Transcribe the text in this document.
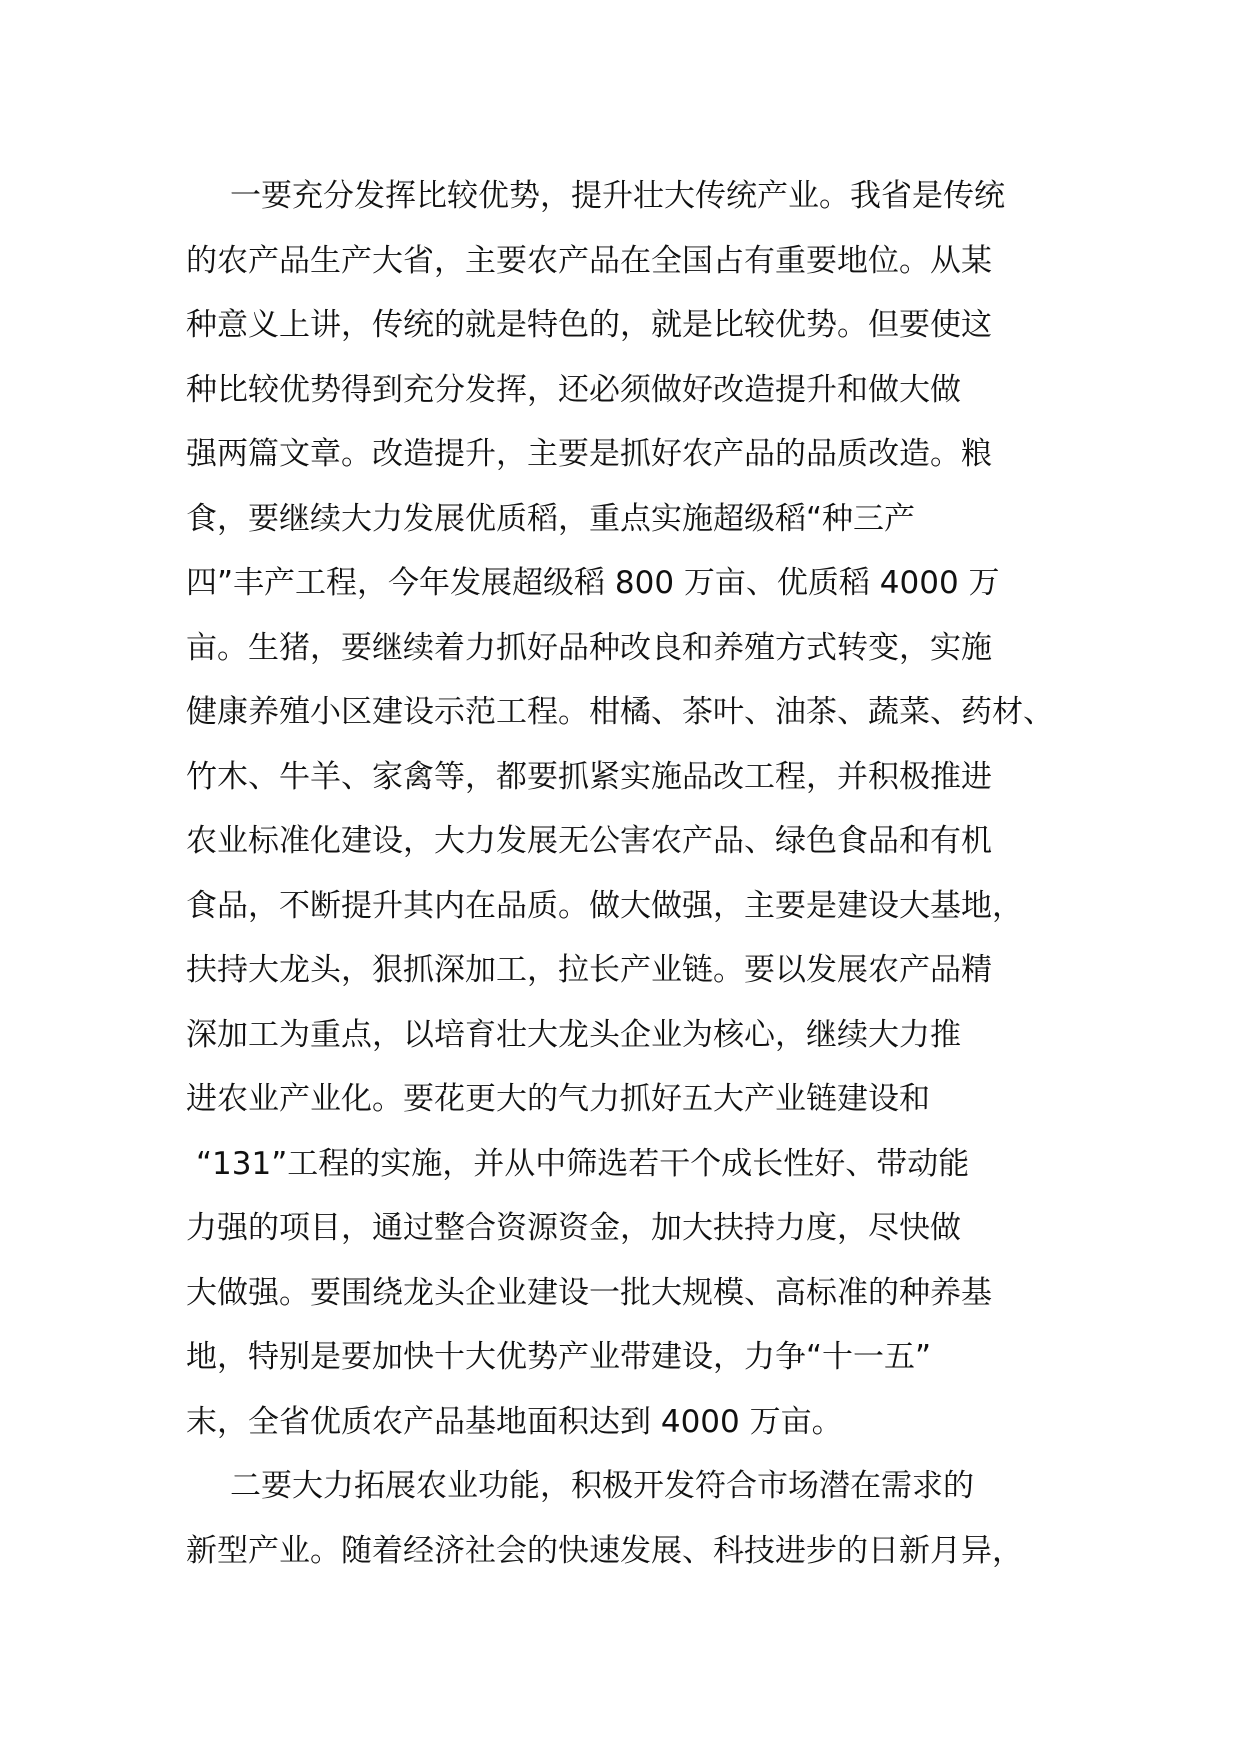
一要充分发挥比较优势，提升壮大传统产业。我省是传统
的农产品生产大省，主要农产品在全国占有重要地位。从某
种意义上讲，传统的就是特色的，就是比较优势。但要使这
种比较优势得到充分发挥，还必须做好改造提升和做大做
强两篇文章。改造提升，主要是抓好农产品的品质改造。粮
食，要继续大力发展优质稻，重点实施超级稻“种三产
四”丰产工程，今年发展超级稻 800 万亩、优质稻 4000 万
亩。生猪，要继续着力抓好品种改良和养殖方式转变，实施
健康养殖小区建设示范工程。柑橘、茶叶、油茶、蔬菜、药材、
竹木、牛羊、家禽等，都要抓紧实施品改工程，并积极推进
农业标准化建设，大力发展无公害农产品、绿色食品和有机
食品，不断提升其内在品质。做大做强，主要是建设大基地，
扶持大龙头，狠抓深加工，拉长产业链。要以发展农产品精
深加工为重点，以培育壮大龙头企业为核心，继续大力推
进农业产业化。要花更大的气力抓好五大产业链建设和
“131”工程的实施，并从中筛选若干个成长性好、带动能
力强的项目，通过整合资源资金，加大扶持力度，尽快做
大做强。要围绕龙头企业建设一批大规模、高标准的种养基
地，特别是要加快十大优势产业带建设，力争“十一五”
末，全省优质农产品基地面积达到 4000 万亩。
二要大力拓展农业功能，积极开发符合市场潜在需求的
新型产业。随着经济社会的快速发展、科技进步的日新月异，
